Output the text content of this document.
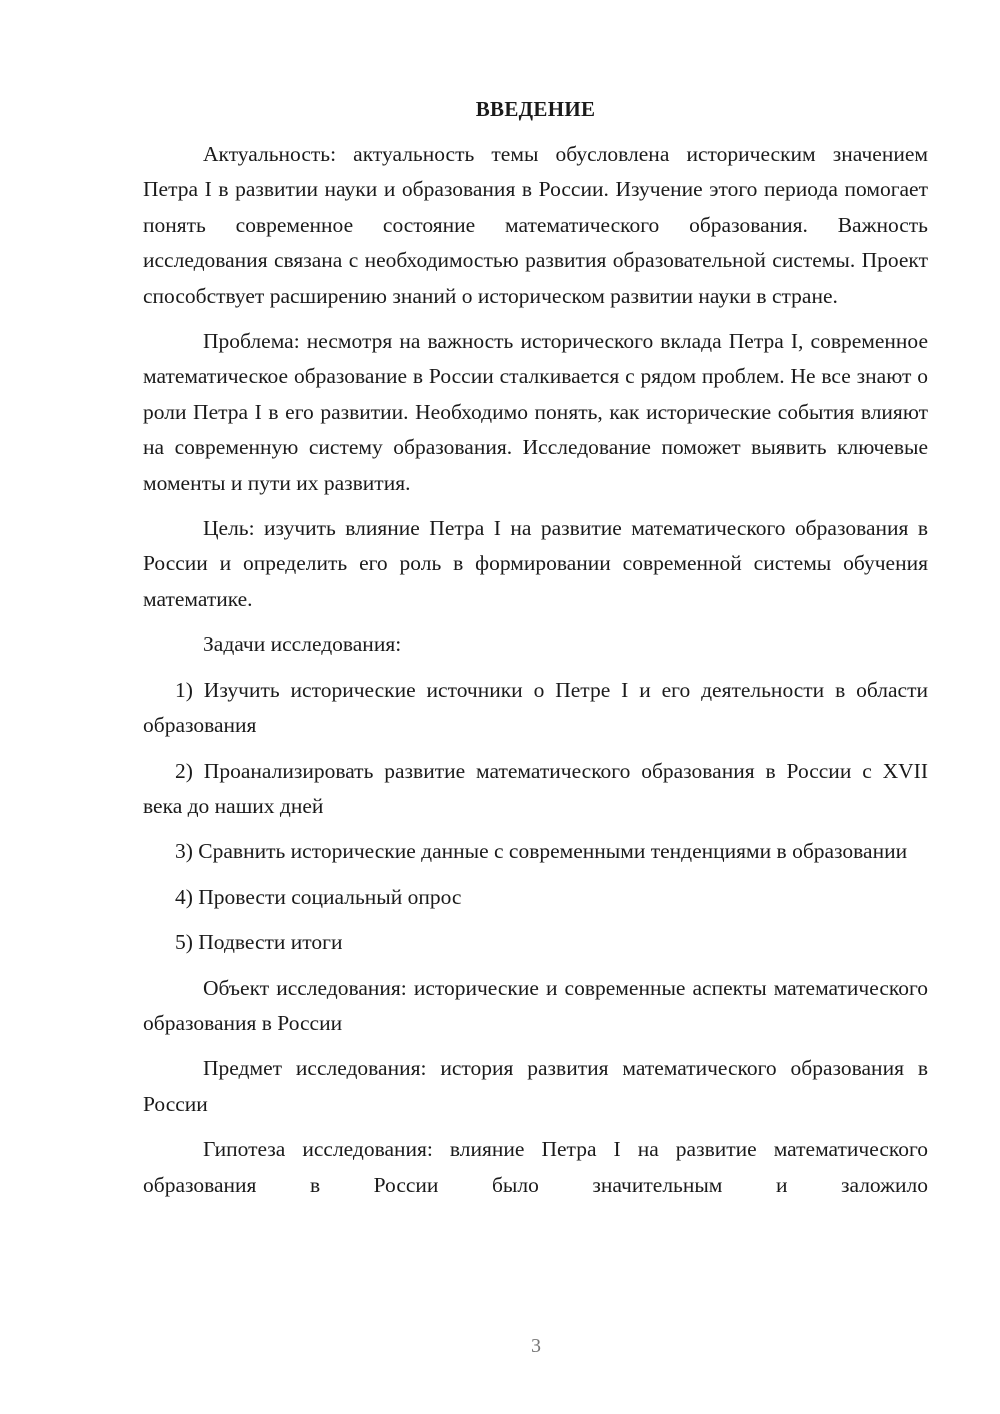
ВВЕДЕНИЕ
Актуальность: актуальность темы обусловлена историческим значением Петра I в развитии науки и образования в России. Изучение этого периода помогает понять современное состояние математического образования. Важность исследования связана с необходимостью развития образовательной системы. Проект способствует расширению знаний о историческом развитии науки в стране.
Проблема: несмотря на важность исторического вклада Петра I, современное математическое образование в России сталкивается с рядом проблем. Не все знают о роли Петра I в его развитии. Необходимо понять, как исторические события влияют на современную систему образования. Исследование поможет выявить ключевые моменты и пути их развития.
Цель: изучить влияние Петра I на развитие математического образования в России и определить его роль в формировании современной системы обучения математике.
Задачи исследования:
1) Изучить исторические источники о Петре I и его деятельности в области образования
2) Проанализировать развитие математического образования в России с XVII века до наших дней
3) Сравнить исторические данные с современными тенденциями в образовании
4) Провести социальный опрос
5) Подвести итоги
Объект исследования: исторические и современные аспекты математического образования в России
Предмет исследования: история развития математического образования в России
Гипотеза исследования: влияние Петра I на развитие математического образования в России было значительным и заложило
3
